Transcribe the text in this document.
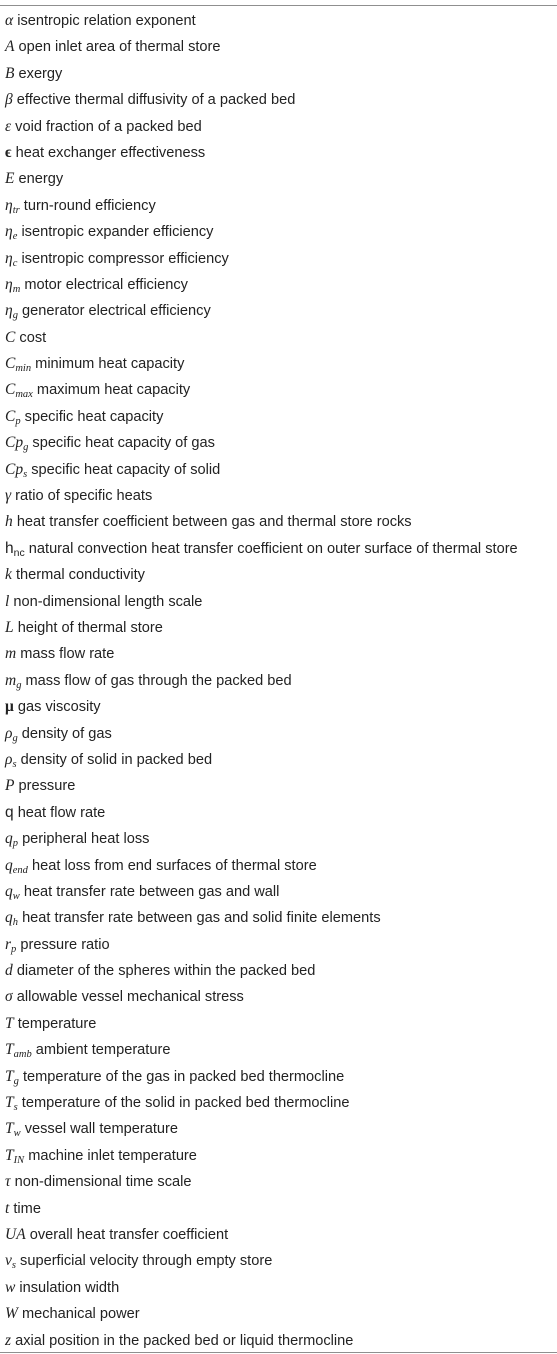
α isentropic relation exponent
A open inlet area of thermal store
B exergy
β effective thermal diffusivity of a packed bed
ε void fraction of a packed bed
ϵ heat exchanger effectiveness
E energy
$\eta_{tr}$ turn-round efficiency
$\eta_e$ isentropic expander efficiency
$\eta_c$ isentropic compressor efficiency
$\eta_m$ motor electrical efficiency
$\eta_g$ generator electrical efficiency
C cost
$C_{min}$ minimum heat capacity
$C_{max}$ maximum heat capacity
$C_p$ specific heat capacity
$Cp_g$ specific heat capacity of gas
$Cp_s$ specific heat capacity of solid
γ ratio of specific heats
h heat transfer coefficient between gas and thermal store rocks
$h_{nc}$ natural convection heat transfer coefficient on outer surface of thermal store
k thermal conductivity
l non-dimensional length scale
L height of thermal store
m mass flow rate
$m_g$ mass flow of gas through the packed bed
μ gas viscosity
$\rho_g$ density of gas
$\rho_s$ density of solid in packed bed
P pressure
q heat flow rate
$q_p$ peripheral heat loss
$q_{end}$ heat loss from end surfaces of thermal store
$q_w$ heat transfer rate between gas and wall
$q_h$ heat transfer rate between gas and solid finite elements
$r_p$ pressure ratio
d diameter of the spheres within the packed bed
σ allowable vessel mechanical stress
T temperature
$T_{amb}$ ambient temperature
$T_g$ temperature of the gas in packed bed thermocline
$T_s$ temperature of the solid in packed bed thermocline
$T_w$ vessel wall temperature
$T_{IN}$ machine inlet temperature
τ non-dimensional time scale
t time
UA overall heat transfer coefficient
$v_s$ superficial velocity through empty store
w insulation width
W mechanical power
z axial position in the packed bed or liquid thermocline
